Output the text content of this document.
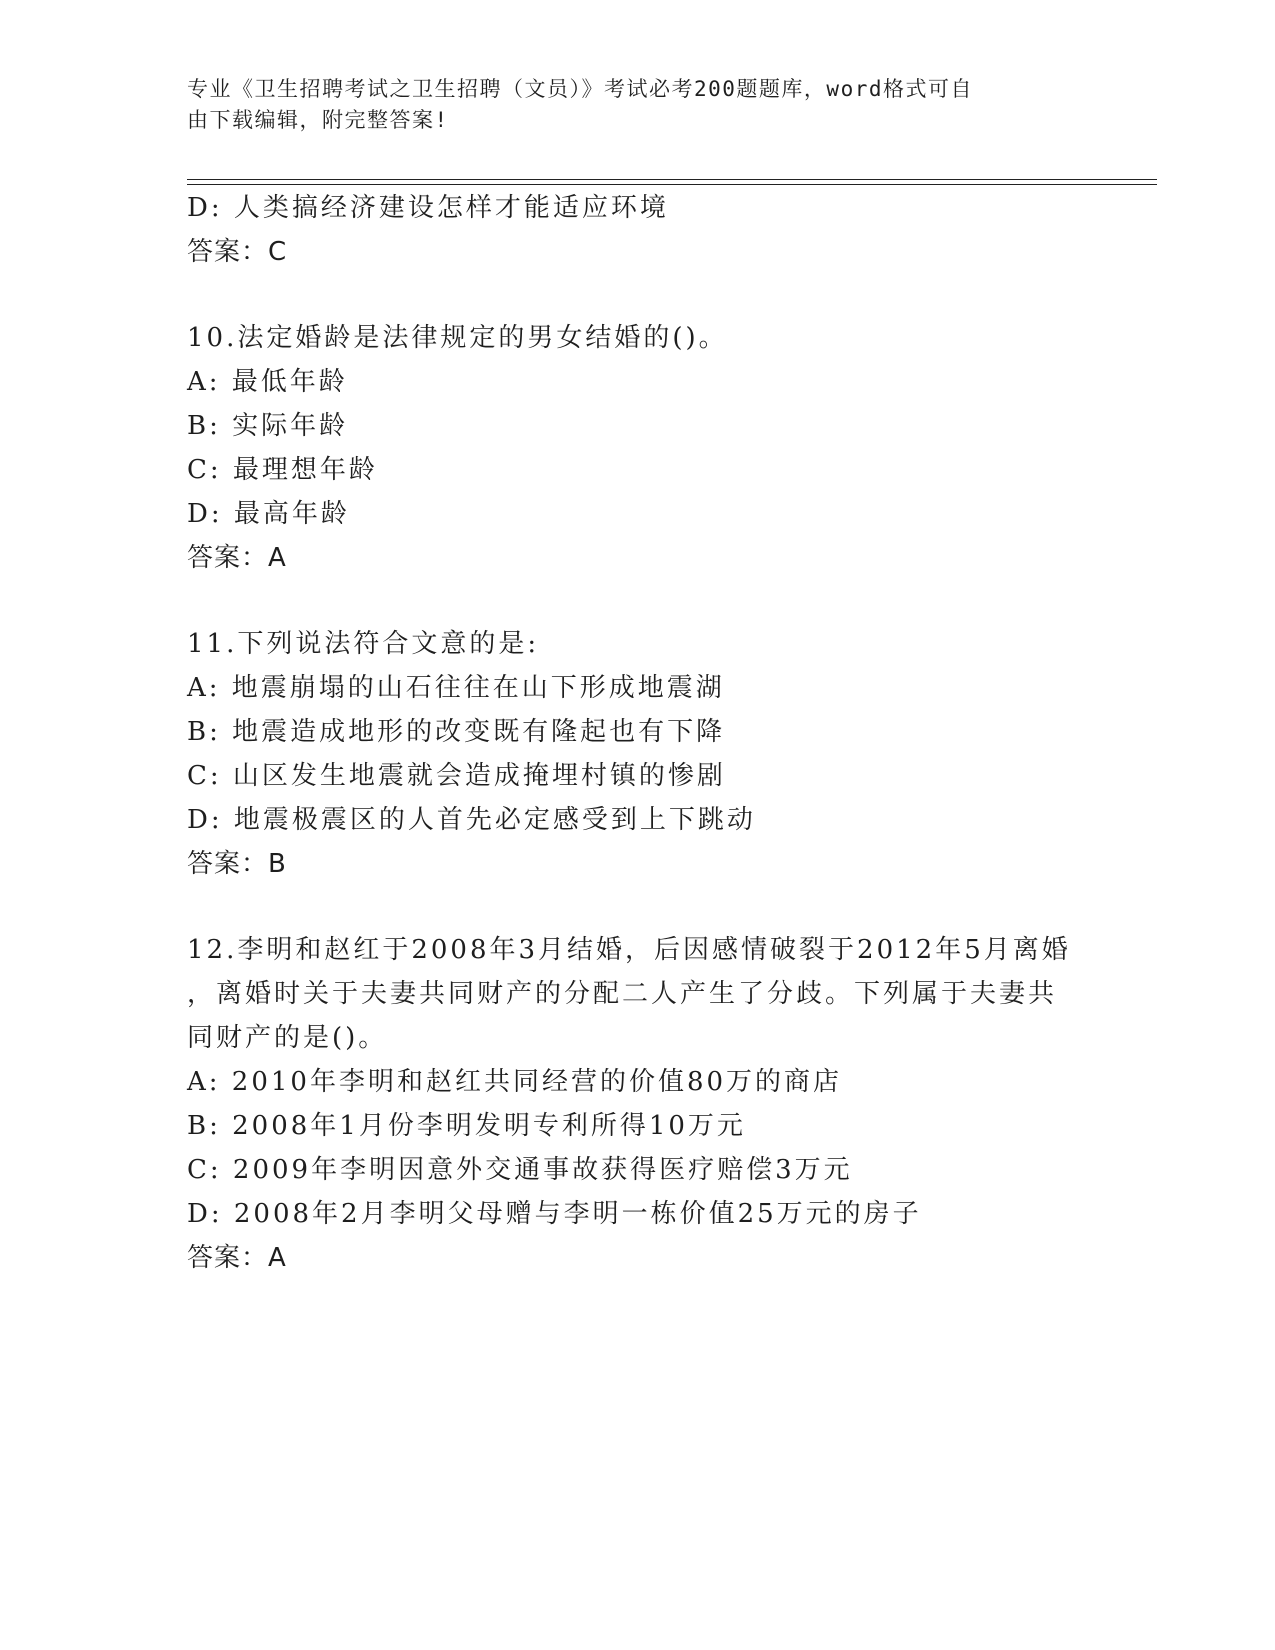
专业《卫生招聘考试之卫生招聘（文员）》考试必考200题题库，word格式可自
由下载编辑，附完整答案!
D: 人类搞经济建设怎样才能适应环境
答案：C
10.法定婚龄是法律规定的男女结婚的()。
A: 最低年龄
B: 实际年龄
C: 最理想年龄
D: 最高年龄
答案：A
11.下列说法符合文意的是:
A: 地震崩塌的山石往往在山下形成地震湖
B: 地震造成地形的改变既有隆起也有下降
C: 山区发生地震就会造成掩埋村镇的惨剧
D: 地震极震区的人首先必定感受到上下跳动
答案：B
12.李明和赵红于2008年3月结婚，后因感情破裂于2012年5月离婚
，离婚时关于夫妻共同财产的分配二人产生了分歧。下列属于夫妻共
同财产的是()。
A: 2010年李明和赵红共同经营的价值80万的商店
B: 2008年1月份李明发明专利所得10万元
C: 2009年李明因意外交通事故获得医疗赔偿3万元
D: 2008年2月李明父母赠与李明一栋价值25万元的房子
答案：A
